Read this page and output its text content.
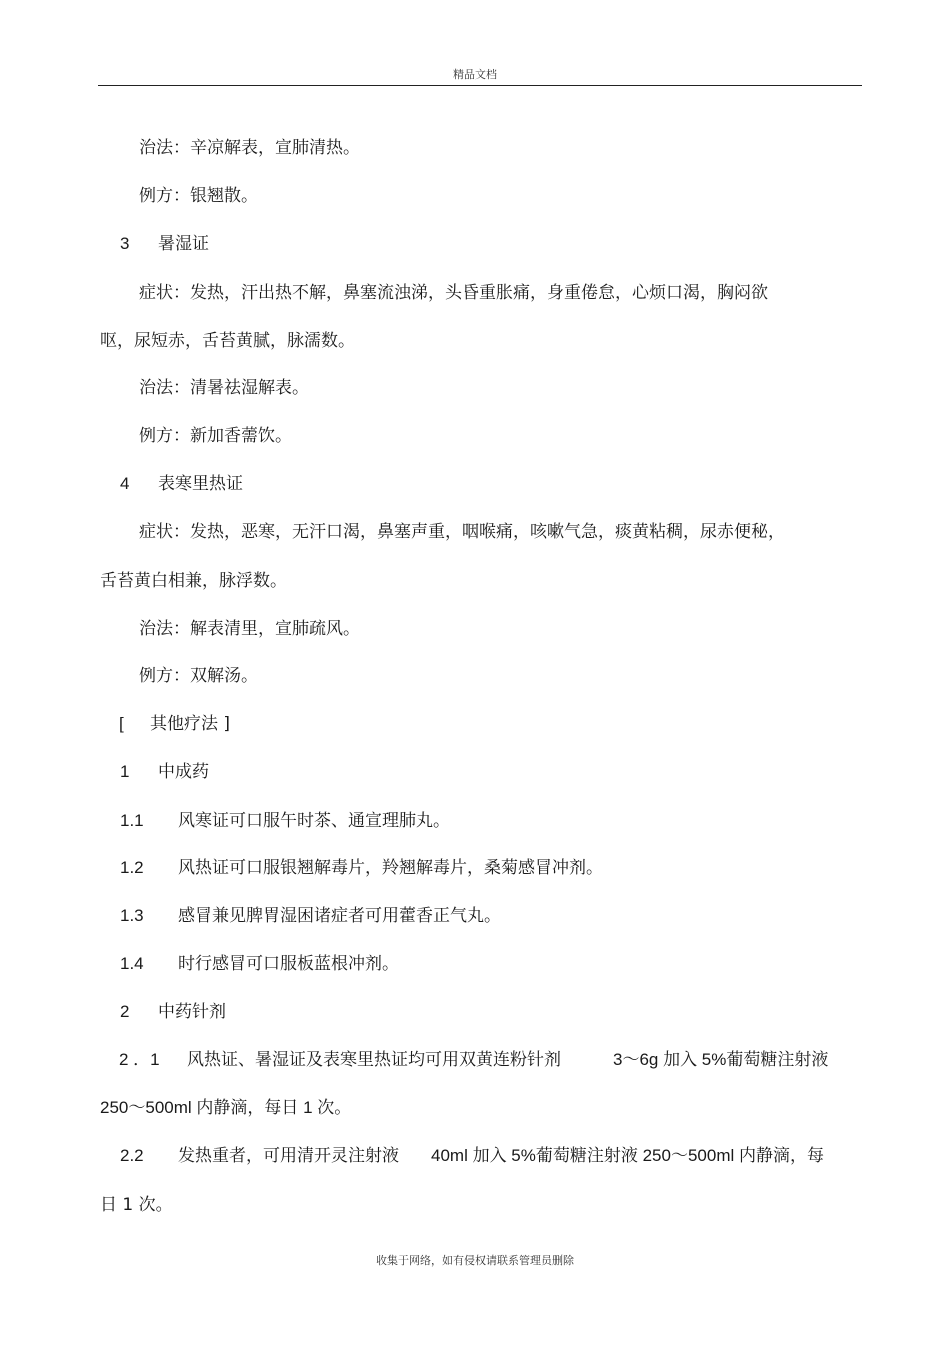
精品文档
治法：辛凉解表，宣肺清热。
例方：银翘散。
3 暑湿证
症状：发热，汗出热不解，鼻塞流浊涕，头昏重胀痛，身重倦怠，心烦口渴，胸闷欲
呕，尿短赤，舌苔黄腻，脉濡数。
治法：清暑祛湿解表。
例方：新加香薷饮。
4 表寒里热证
症状：发热，恶寒，无汗口渴，鼻塞声重，咽喉痛，咳嗽气急，痰黄粘稠，尿赤便秘，
舌苔黄白相兼，脉浮数。
治法：解表清里，宣肺疏风。
例方：双解汤。
[ 其他疗法 ]
1 中成药
1.1 风寒证可口服午时茶、通宣理肺丸。
1.2 风热证可口服银翘解毒片，羚翘解毒片，桑菊感冒冲剂。
1.3 感冒兼见脾胃湿困诸症者可用藿香正气丸。
1.4 时行感冒可口服板蓝根冲剂。
2 中药针剂
2 ．1 风热证、暑湿证及表寒里热证均可用双黄连粉针剂	3～6g 加入 5%葡萄糖注射液
250～500ml 内静滴，每日 1 次。
2.2 发热重者，可用清开灵注射液 40ml 加入 5%葡萄糖注射液 250～500ml 内静滴，每
日 1 次。
收集于网络，如有侵权请联系管理员删除
